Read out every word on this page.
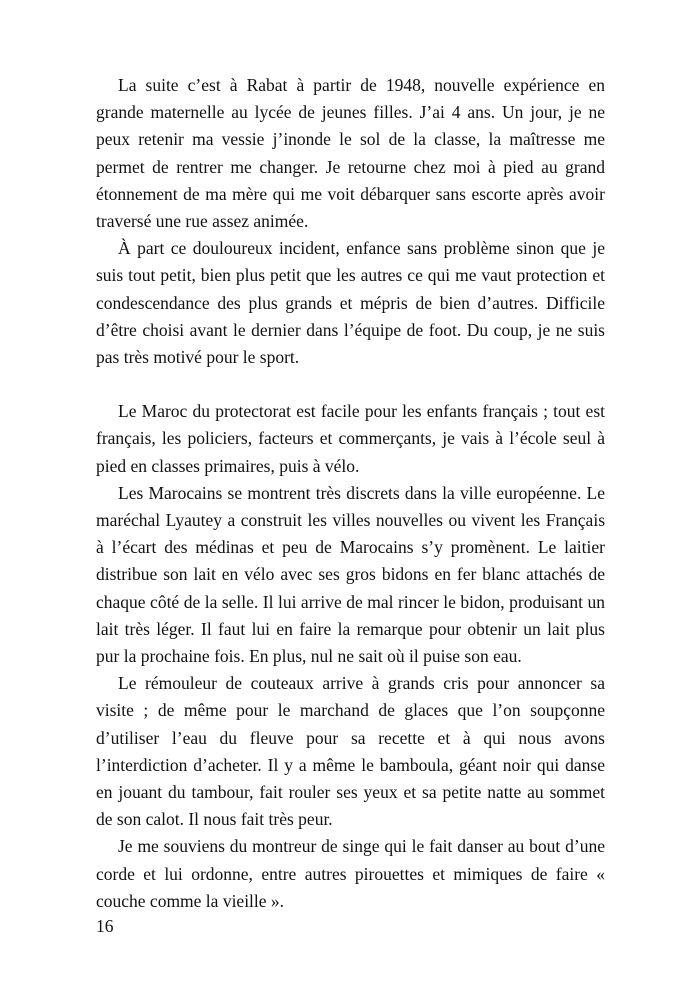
La suite c’est à Rabat à partir de 1948, nouvelle expérience en grande maternelle au lycée de jeunes filles. J’ai 4 ans. Un jour, je ne peux retenir ma vessie j’inonde le sol de la classe, la maîtresse me permet de rentrer me changer. Je retourne chez moi à pied au grand étonnement de ma mère qui me voit débarquer sans escorte après avoir traversé une rue assez animée.

À part ce douloureux incident, enfance sans problème sinon que je suis tout petit, bien plus petit que les autres ce qui me vaut protection et condescendance des plus grands et mépris de bien d’autres. Difficile d’être choisi avant le dernier dans l’équipe de foot. Du coup, je ne suis pas très motivé pour le sport.

Le Maroc du protectorat est facile pour les enfants français ; tout est français, les policiers, facteurs et commerçants, je vais à l’école seul à pied en classes primaires, puis à vélo.

Les Marocains se montrent très discrets dans la ville européenne. Le maréchal Lyautey a construit les villes nouvelles ou vivent les Français à l’écart des médinas et peu de Marocains s’y promènent. Le laitier distribue son lait en vélo avec ses gros bidons en fer blanc attachés de chaque côté de la selle. Il lui arrive de mal rincer le bidon, produisant un lait très léger. Il faut lui en faire la remarque pour obtenir un lait plus pur la prochaine fois. En plus, nul ne sait où il puise son eau.

Le rémouleur de couteaux arrive à grands cris pour annoncer sa visite ; de même pour le marchand de glaces que l’on soupçonne d’utiliser l’eau du fleuve pour sa recette et à qui nous avons l’interdiction d’acheter. Il y a même le bamboula, géant noir qui danse en jouant du tambour, fait rouler ses yeux et sa petite natte au sommet de son calot. Il nous fait très peur.

Je me souviens du montreur de singe qui le fait danser au bout d’une corde et lui ordonne, entre autres pirouettes et mimiques de faire « couche comme la vieille ».

16
